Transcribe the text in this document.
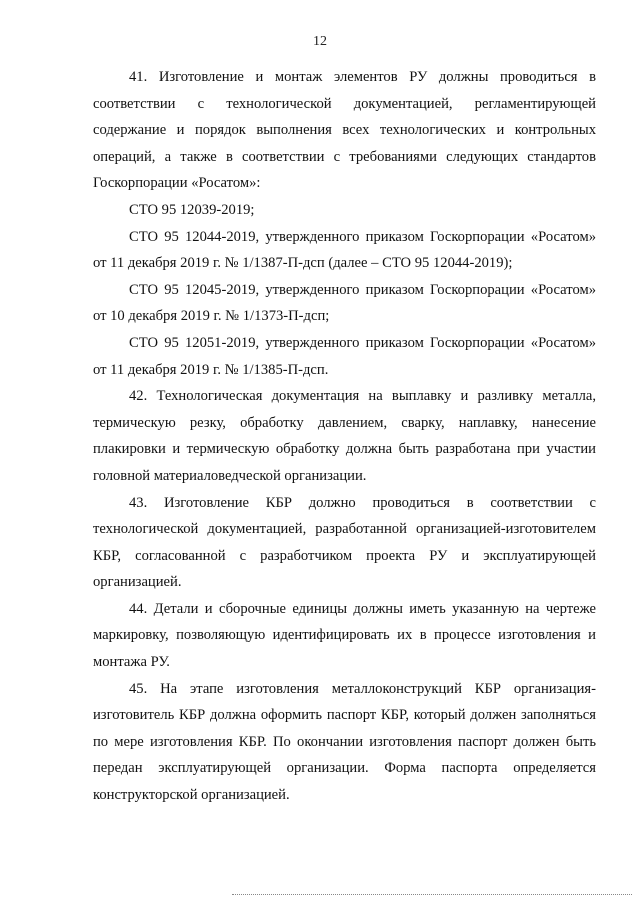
12

41. Изготовление и монтаж элементов РУ должны проводиться в соответствии с технологической документацией, регламентирующей содержание и порядок выполнения всех технологических и контрольных операций, а также в соответствии с требованиями следующих стандартов Госкорпорации «Росатом»:

СТО 95 12039-2019;

СТО 95 12044-2019, утвержденного приказом Госкорпорации «Росатом» от 11 декабря 2019 г. № 1/1387-П-дсп (далее – СТО 95 12044-2019);

СТО 95 12045-2019, утвержденного приказом Госкорпорации «Росатом» от 10 декабря 2019 г. № 1/1373-П-дсп;

СТО 95 12051-2019, утвержденного приказом Госкорпорации «Росатом» от 11 декабря 2019 г. № 1/1385-П-дсп.

42. Технологическая документация на выплавку и разливку металла, термическую резку, обработку давлением, сварку, наплавку, нанесение плакировки и термическую обработку должна быть разработана при участии головной материаловедческой организации.

43. Изготовление КБР должно проводиться в соответствии с технологической документацией, разработанной организацией-изготовителем КБР, согласованной с разработчиком проекта РУ и эксплуатирующей организацией.

44. Детали и сборочные единицы должны иметь указанную на чертеже маркировку, позволяющую идентифицировать их в процессе изготовления и монтажа РУ.

45. На этапе изготовления металлоконструкций КБР организация-изготовитель КБР должна оформить паспорт КБР, который должен заполняться по мере изготовления КБР. По окончании изготовления паспорт должен быть передан эксплуатирующей организации. Форма паспорта определяется конструкторской организацией.
